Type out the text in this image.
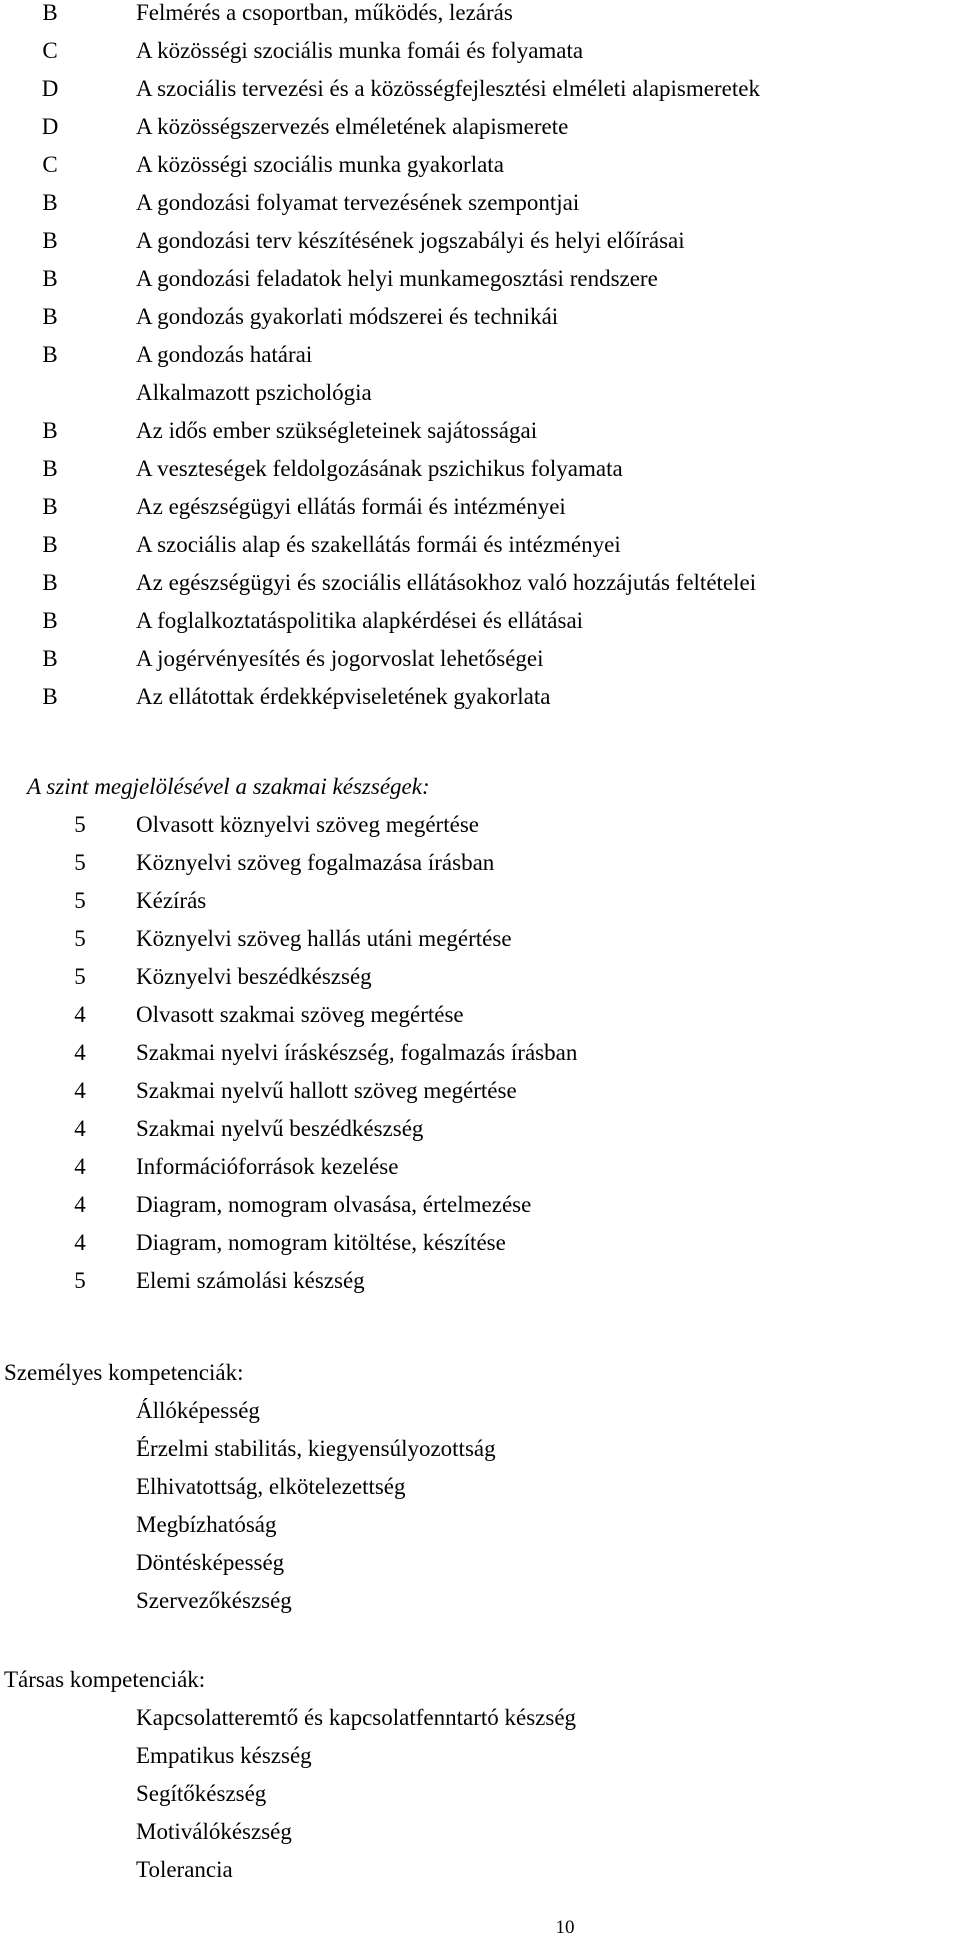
B	Felmérés a csoportban, működés, lezárás
C	A közösségi szociális munka fomái és folyamata
D	A szociális tervezési és a közösségfejlesztési elméleti alapismeretek
D	A közösségszervezés elméletének alapismerete
C	A közösségi szociális munka gyakorlata
B	A gondozási folyamat tervezésének szempontjai
B	A gondozási terv készítésének jogszabályi és helyi előírásai
B	A gondozási feladatok helyi munkamegosztási rendszere
B	A gondozás gyakorlati módszerei és technikái
B	A gondozás határai
Alkalmazott pszichológia
B	Az idős ember szükségleteinek sajátosságai
B	A veszteségek feldolgozásának pszichikus folyamata
B	Az egészségügyi ellátás formái és intézményei
B	A szociális alap és szakellátás formái és intézményei
B	Az egészségügyi és szociális ellátásokhoz való hozzájutás feltételei
B	A foglalkoztatáspolitika alapkérdései és ellátásai
B	A jogérvényesítés és jogorvoslat lehetőségei
B	Az ellátottak érdekképviseletének gyakorlata
A szint megjelölésével a szakmai készségek:
5	Olvasott köznyelvi szöveg megértése
5	Köznyelvi szöveg fogalmazása írásban
5	Kézírás
5	Köznyelvi szöveg hallás utáni megértése
5	Köznyelvi beszédkészség
4	Olvasott szakmai szöveg megértése
4	Szakmai nyelvi íráskészség, fogalmazás írásban
4	Szakmai nyelvű hallott szöveg megértése
4	Szakmai nyelvű beszédkészség
4	Információforrások kezelése
4	Diagram, nomogram olvasása, értelmezése
4	Diagram, nomogram kitöltése, készítése
5	Elemi számolási készség
Személyes kompetenciák:
Állóképesség
Érzelmi stabilitás, kiegyensúlyozottság
Elhivatottság, elkötelezettség
Megbízhatóság
Döntésképesség
Szervezőkészség
Társas kompetenciák:
Kapcsolatteremtő és kapcsolatfenntartó készség
Empatikus készség
Segítőkészség
Motiválókészség
Tolerancia
10
